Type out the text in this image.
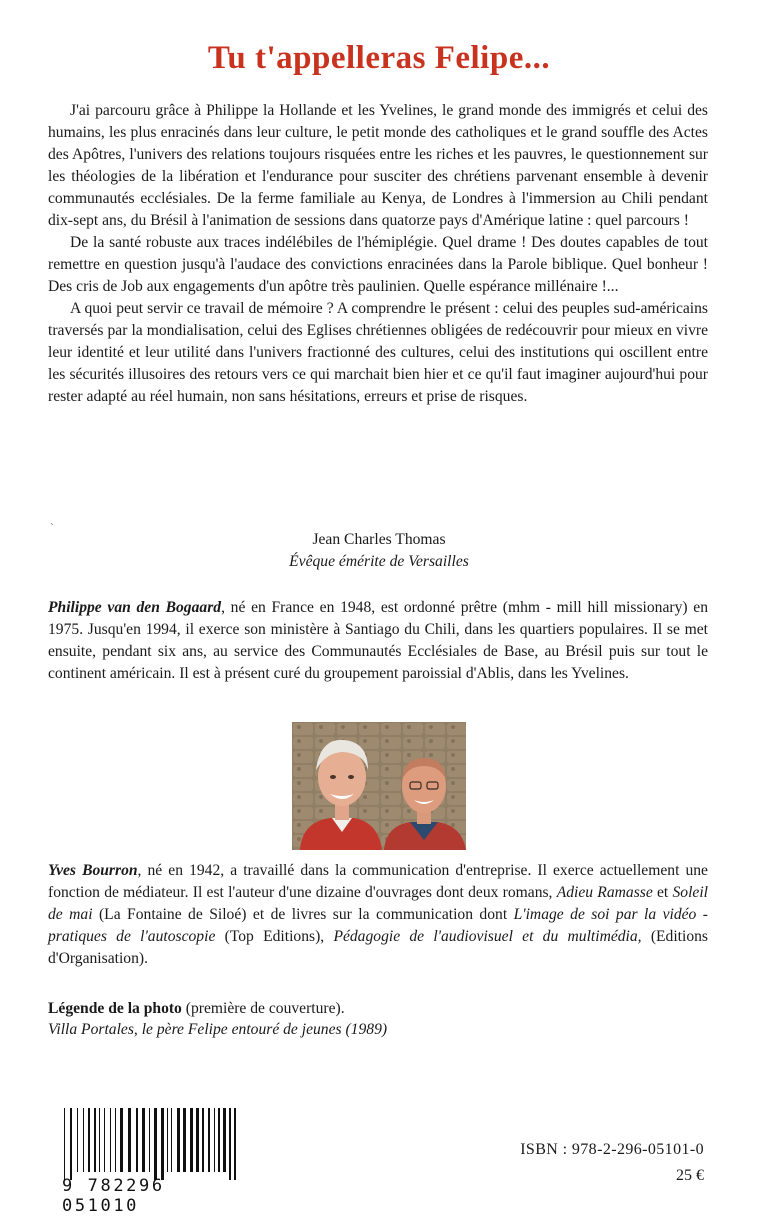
Tu t'appelleras Felipe...

J'ai parcouru grâce à Philippe la Hollande et les Yvelines, le grand monde des immigrés et celui des humains, les plus enracinés dans leur culture, le petit monde des catholiques et le grand souffle des Actes des Apôtres, l'univers des relations toujours risquées entre les riches et les pauvres, le questionnement sur les théologies de la libération et l'endurance pour susciter des chrétiens parvenant ensemble à devenir communautés ecclésiales. De la ferme familiale au Kenya, de Londres à l'immersion au Chili pendant dix-sept ans, du Brésil à l'animation de sessions dans quatorze pays d'Amérique latine : quel parcours !

De la santé robuste aux traces indélébiles de l'hémiplégie. Quel drame ! Des doutes capables de tout remettre en question jusqu'à l'audace des convictions enracinées dans la Parole biblique. Quel bonheur ! Des cris de Job aux engagements d'un apôtre très paulinien. Quelle espérance millénaire !...

A quoi peut servir ce travail de mémoire ? A comprendre le présent : celui des peuples sud-américains traversés par la mondialisation, celui des Eglises chrétiennes obligées de redécouvrir pour mieux en vivre leur identité et leur utilité dans l'univers fractionné des cultures, celui des institutions qui oscillent entre les sécurités illusoires des retours vers ce qui marchait bien hier et ce qu'il faut imaginer aujourd'hui pour rester adapté au réel humain, non sans hésitations, erreurs et prise de risques.

`
Jean Charles Thomas
Évêque émérite de Versailles

Philippe van den Bogaard, né en France en 1948, est ordonné prêtre (mhm - mill hill missionary) en 1975. Jusqu'en 1994, il exerce son ministère à Santiago du Chili, dans les quartiers populaires. Il se met ensuite, pendant six ans, au service des Communautés Ecclésiales de Base, au Brésil puis sur tout le continent américain. Il est à présent curé du groupement paroissial d'Ablis, dans les Yvelines.

Yves Bourron, né en 1942, a travaillé dans la communication d'entreprise. Il exerce actuellement une fonction de médiateur. Il est l'auteur d'une dizaine d'ouvrages dont deux romans, Adieu Ramasse et Soleil de mai (La Fontaine de Siloé) et de livres sur la communication dont L'image de soi par la vidéo - pratiques de l'autoscopie (Top Editions), Pédagogie de l'audiovisuel et du multimédia, (Editions d'Organisation).

Légende de la photo (première de couverture).
Villa Portales, le père Felipe entouré de jeunes (1989)
9 782296 051010
ISBN : 978-2-296-05101-0
25 €
